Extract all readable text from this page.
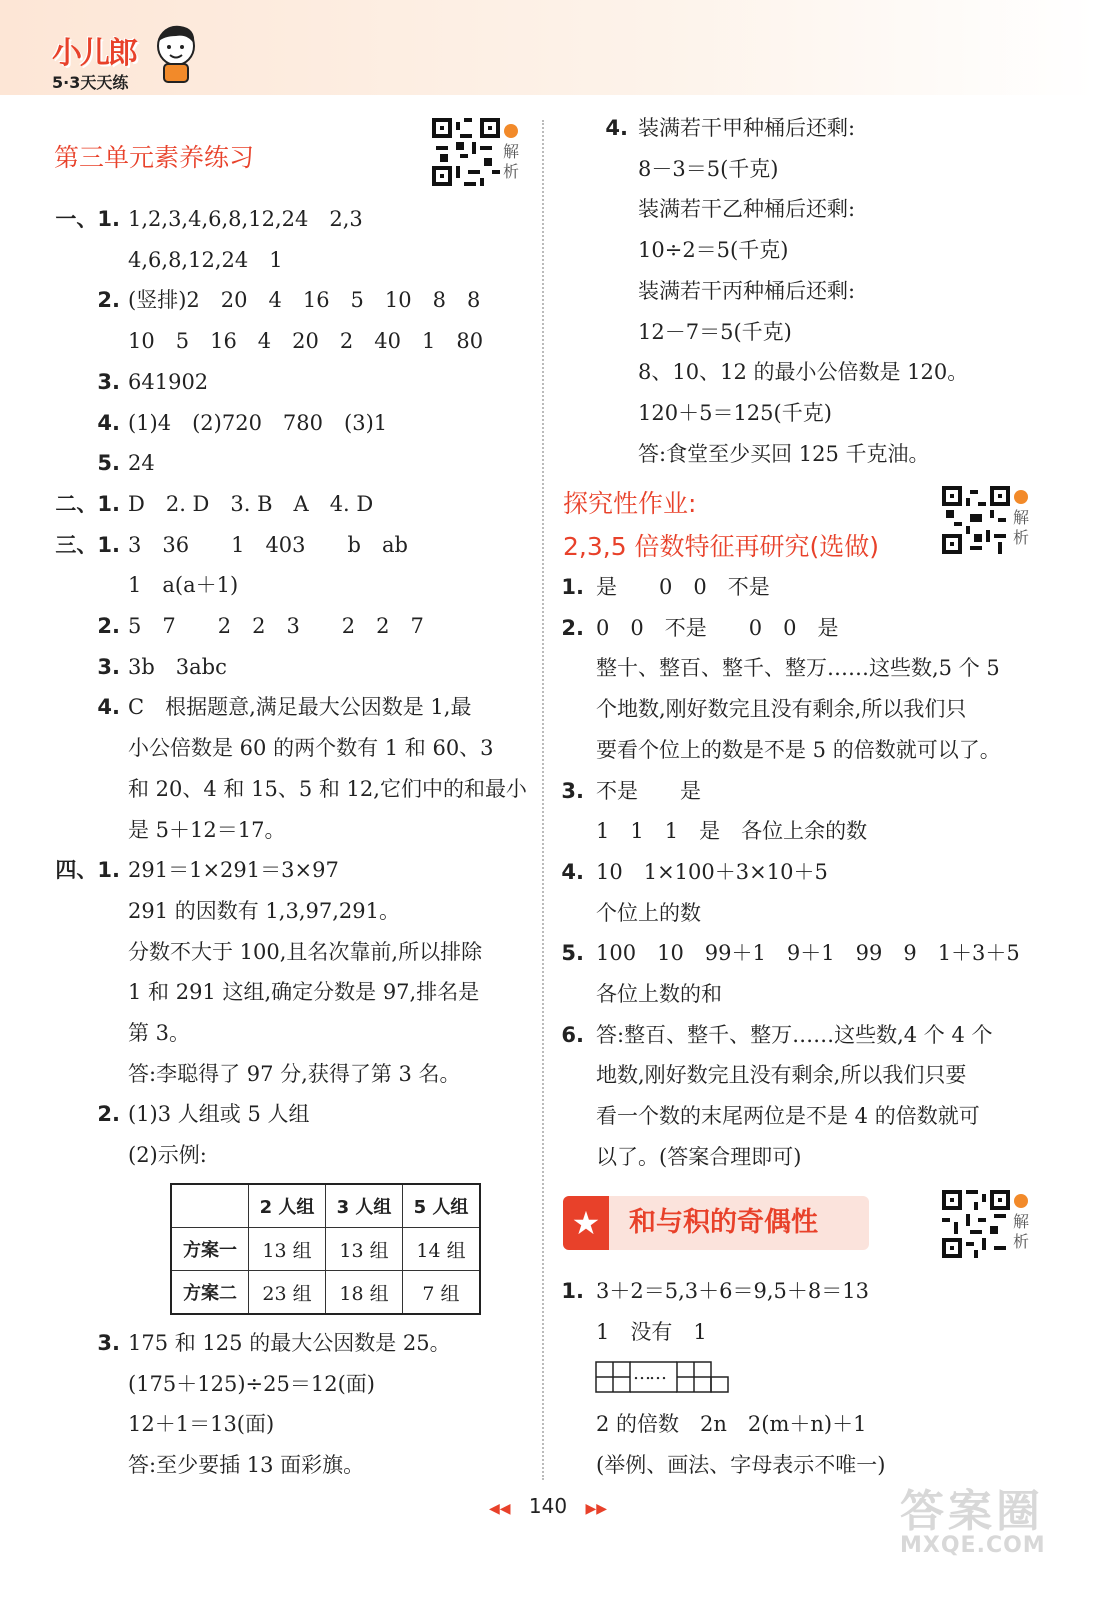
小儿郎
5·3天天练
第三单元素养练习	解析
一、1. 1,2,3,4,6,8,12,24　2,3
4,6,8,12,24　1
2. (竖排)2　20　4　16　5　10　8　8
10　5　16　4　20　2　40　1　80
3. 641902
4. (1)4　(2)720　780　(3)1
5. 24
二、1. D　2. D　3. B　A　4. D
三、1. 3　36　　1　403　　b　ab
1　a(a＋1)
2. 5　7　　2　2　3　　2　2　7
3. 3b　3abc
4. C　根据题意,满足最大公因数是 1,最
小公倍数是 60 的两个数有 1 和 60、3
和 20、4 和 15、5 和 12,它们中的和最小
是 5＋12＝17。
四、1. 291＝1×291＝3×97
291 的因数有 1,3,97,291。
分数不大于 100,且名次靠前,所以排除
1 和 291 这组,确定分数是 97,排名是
第 3。
答:李聪得了 97 分,获得了第 3 名。
2. (1)3 人组或 5 人组
(2)示例:
	2 人组	3 人组	5 人组
方案一	13 组	13 组	14 组
方案二	23 组	18 组	7 组
3. 175 和 125 的最大公因数是 25。
(175＋125)÷25＝12(面)
12＋1＝13(面)
答:至少要插 13 面彩旗。
4. 装满若干甲种桶后还剩:
8－3＝5(千克)
装满若干乙种桶后还剩:
10÷2＝5(千克)
装满若干丙种桶后还剩:
12－7＝5(千克)
8、10、12 的最小公倍数是 120。
120＋5＝125(千克)
答:食堂至少买回 125 千克油。
探究性作业:
2,3,5 倍数特征再研究(选做)
解析
1. 是　　0　0　不是
2. 0　0　不是　　0　0　是
整十、整百、整千、整万……这些数,5 个 5
个地数,刚好数完且没有剩余,所以我们只
要看个位上的数是不是 5 的倍数就可以了。
3. 不是　　是
1　1　1　是　各位上余的数
4. 10　1×100＋3×10＋5
个位上的数
5. 100　10　99＋1　9＋1　99　9　1＋3＋5
各位上数的和
6. 答:整百、整千、整万……这些数,4 个 4 个
地数,刚好数完且没有剩余,所以我们只要
看一个数的末尾两位是不是 4 的倍数就可
以了。(答案合理即可)
★	和与积的奇偶性	解析
1. 3＋2＝5,3＋6＝9,5＋8＝13
1　没有　1
……
2 的倍数　2n　2(m＋n)＋1
(举例、画法、字母表示不唯一)
◀◀ 140 ▶▶	答案圈
MXQE.COM
